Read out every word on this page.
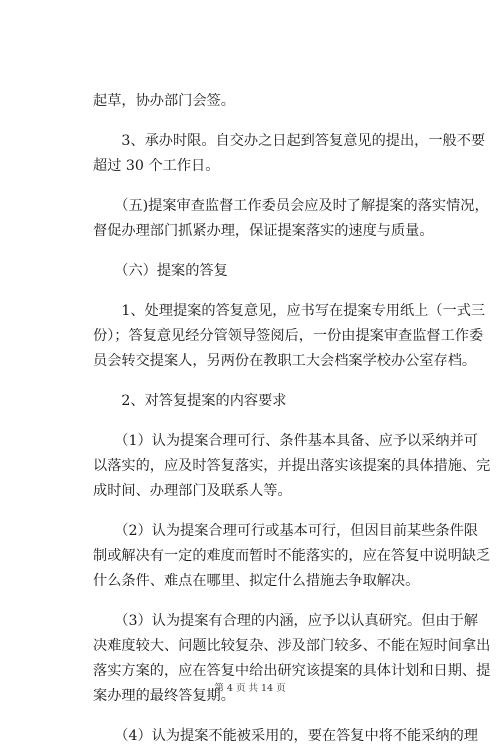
起草，协办部门会签。
　　3、承办时限。自交办之日起到答复意见的提出，一般不要
超过 30 个工作日。
　　（五)提案审查监督工作委员会应及时了解提案的落实情况，
督促办理部门抓紧办理，保证提案落实的速度与质量。
　　（六）提案的答复
　　1、处理提案的答复意见，应书写在提案专用纸上（一式三
份）；答复意见经分管领导签阅后，一份由提案审查监督工作委
员会转交提案人，另两份在教职工大会档案学校办公室存档。
　　2、对答复提案的内容要求
　　（1）认为提案合理可行、条件基本具备、应予以采纳并可
以落实的，应及时答复落实，并提出落实该提案的具体措施、完
成时间、办理部门及联系人等。
　　（2）认为提案合理可行或基本可行，但因目前某些条件限
制或解决有一定的难度而暂时不能落实的，应在答复中说明缺乏
什么条件、难点在哪里、拟定什么措施去争取解决。
　　（3）认为提案有合理的内涵，应予以认真研究。但由于解
决难度较大、问题比较复杂、涉及部门较多、不能在短时间拿出
落实方案的，应在答复中给出研究该提案的具体计划和日期、提
案办理的最终答复期。
　　（4）认为提案不能被采用的，要在答复中将不能采纳的理
第 4 页 共 14 页
